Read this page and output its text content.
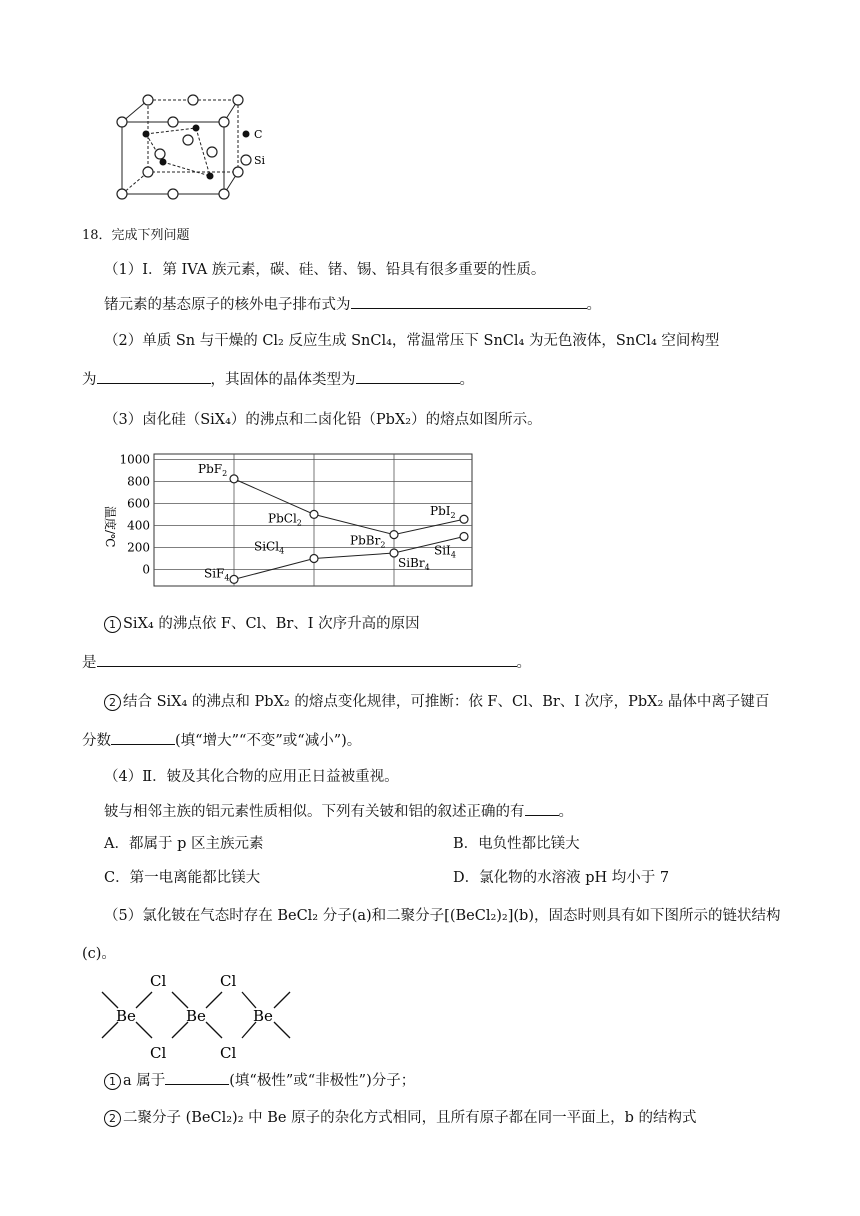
C
Si
18．完成下列问题
（1）Ⅰ．第 IVA 族元素，碳、硅、锗、锡、铅具有很多重要的性质。
锗元素的基态原子的核外电子排布式为	。
（2）单质 Sn 与干燥的 Cl₂ 反应生成 SnCl₄，常温常压下 SnCl₄ 为无色液体，SnCl₄ 空间构型
为	，其固体的晶体类型为	。
（3）卤化硅（SiX₄）的沸点和二卤化铅（PbX₂）的熔点如图所示。
0
200
400
600
800
1000
温度/℃
PbF$_2$
PbCl$_2$
PbBr$_2$
PbI$_2$
SiF$_4$
SiCl$_4$
SiBr$_4$
SiI$_4$
1 SiX₄ 的沸点依 F、Cl、Br、I 次序升高的原因
是	。
2 结合 SiX₄ 的沸点和 PbX₂ 的熔点变化规律，可推断：依 F、Cl、Br、I 次序，PbX₂ 晶体中离子键百
分数	(填“增大”“不变”或“减小”)。
（4）Ⅱ．铍及其化合物的应用正日益被重视。
铍与相邻主族的铝元素性质相似。下列有关铍和铝的叙述正确的有 。
A．都属于 p 区主族元素	B．电负性都比镁大
C．第一电离能都比镁大	D．氯化物的水溶液 pH 均小于 7
（5）氯化铍在气态时存在 BeCl₂ 分子(a)和二聚分子[(BeCl₂)₂](b)，固态时则具有如下图所示的链状结构
(c)。
Cl	Cl
Cl	Cl
Be	Be	Be
1 a 属于	(填“极性”或“非极性”)分子；
2 二聚分子 (BeCl₂)₂ 中 Be 原子的杂化方式相同，且所有原子都在同一平面上，b 的结构式
